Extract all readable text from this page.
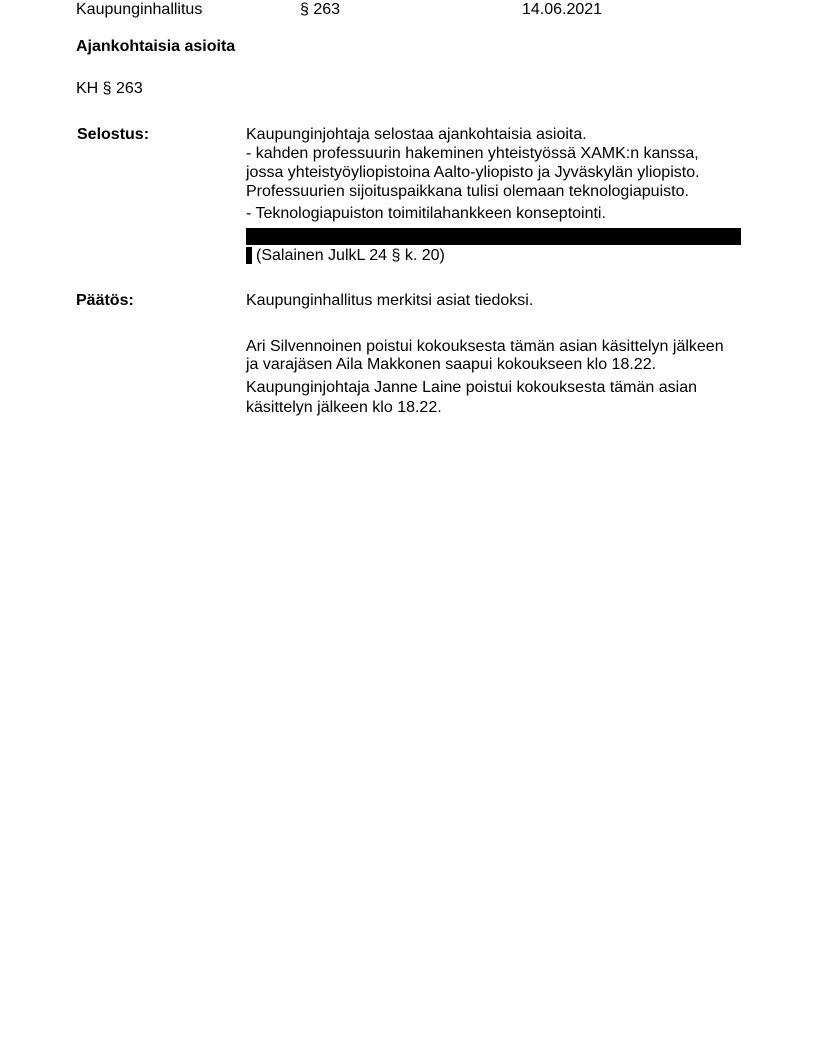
Kaupunginhallitus	§ 263	14.06.2021
Ajankohtaisia asioita
KH § 263
Selostus:	Kaupunginjohtaja selostaa ajankohtaisia asioita.
- kahden professuurin hakeminen yhteistyössä XAMK:n kanssa,
jossa yhteistyöyliopistoina Aalto-yliopisto ja Jyväskylän yliopisto.
Professuurien sijoituspaikkana tulisi olemaan teknologiapuisto.
- Teknologiapuiston toimitilahankkeen konseptointi.
(Salainen JulkL 24 § k. 20)
Päätös:	Kaupunginhallitus merkitsi asiat tiedoksi.
Ari Silvennoinen poistui kokouksesta tämän asian käsittelyn jälkeen
ja varajäsen Aila Makkonen saapui kokoukseen klo 18.22.
Kaupunginjohtaja Janne Laine poistui kokouksesta tämän asian
käsittelyn jälkeen klo 18.22.
